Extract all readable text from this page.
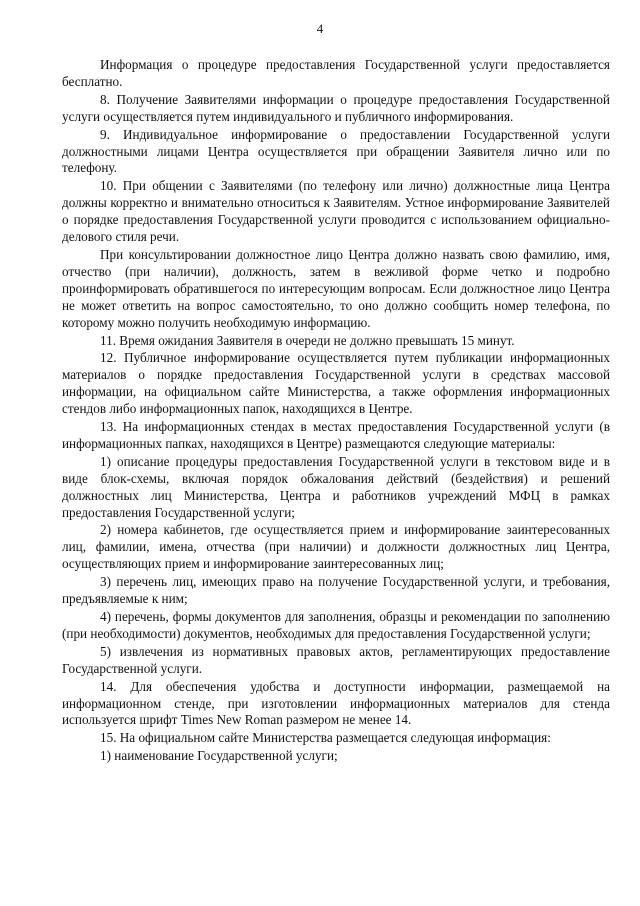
4

Информация о процедуре предоставления Государственной услуги предоставляется бесплатно.

8. Получение Заявителями информации о процедуре предоставления Государственной услуги осуществляется путем индивидуального и публичного информирования.

9. Индивидуальное информирование о предоставлении Государственной услуги должностными лицами Центра осуществляется при обращении Заявителя лично или по телефону.

10. При общении с Заявителями (по телефону или лично) должностные лица Центра должны корректно и внимательно относиться к Заявителям. Устное информирование Заявителей о порядке предоставления Государственной услуги проводится с использованием официально-делового стиля речи.

При консультировании должностное лицо Центра должно назвать свою фамилию, имя, отчество (при наличии), должность, затем в вежливой форме четко и подробно проинформировать обратившегося по интересующим вопросам. Если должностное лицо Центра не может ответить на вопрос самостоятельно, то оно должно сообщить номер телефона, по которому можно получить необходимую информацию.

11. Время ожидания Заявителя в очереди не должно превышать 15 минут.

12. Публичное информирование осуществляется путем публикации информационных материалов о порядке предоставления Государственной услуги в средствах массовой информации, на официальном сайте Министерства, а также оформления информационных стендов либо информационных папок, находящихся в Центре.

13. На информационных стендах в местах предоставления Государственной услуги (в информационных папках, находящихся в Центре) размещаются следующие материалы:

1) описание процедуры предоставления Государственной услуги в текстовом виде и в виде блок-схемы, включая порядок обжалования действий (бездействия) и решений должностных лиц Министерства, Центра и работников учреждений МФЦ в рамках предоставления Государственной услуги;

2) номера кабинетов, где осуществляется прием и информирование заинтересованных лиц, фамилии, имена, отчества (при наличии) и должности должностных лиц Центра, осуществляющих прием и информирование заинтересованных лиц;

3) перечень лиц, имеющих право на получение Государственной услуги, и требования, предъявляемые к ним;

4) перечень, формы документов для заполнения, образцы и рекомендации по заполнению (при необходимости) документов, необходимых для предоставления Государственной услуги;

5) извлечения из нормативных правовых актов, регламентирующих предоставление Государственной услуги.

14. Для обеспечения удобства и доступности информации, размещаемой на информационном стенде, при изготовлении информационных материалов для стенда используется шрифт Times New Roman размером не менее 14.

15. На официальном сайте Министерства размещается следующая информация:

1) наименование Государственной услуги;
